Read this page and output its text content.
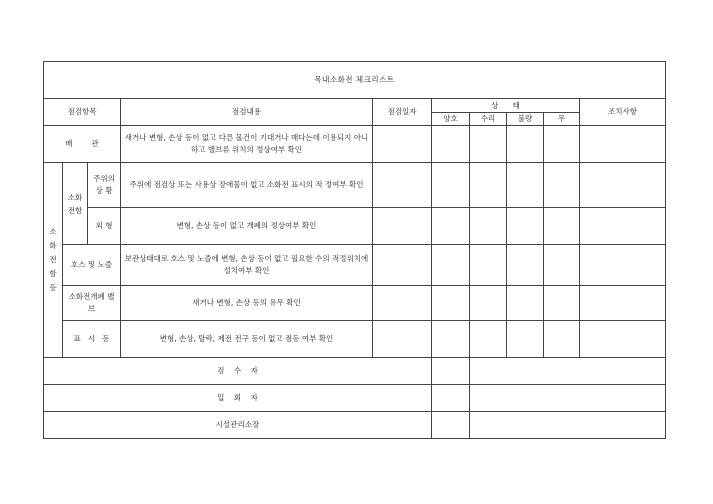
목내소화전 체크리스트									
점검항목			점검내용	점검일자	상      태				조치사항
					양호	수리	불량	무	
배        관			새거나 변형, 손상 등이 없고 다른 물건이 기대거나 매다는데 이용되지 아니하고 밸브류 위치의 정상여부 확인						
소화전함등	소화전함	주위의 상 황	주위에 점검상 또는 사용상 장애물이 없고 소화전 표시의 적 정여부 확인						
		외 형	변형, 손상 등이 없고 개폐의 정상여부 확인						
	호스 및 노즐		보관상태대로 호스 및 노즐에 변형, 손상 등이 없고 필요한 수의 적정위치에 설치여부 확인						
	소화전개폐 밸        브		새거나 변형, 손상 등의 유무 확인						
	표   시   등		변형, 손상, 탈락, 제전 전구 등이 없고 점등 여부 확인						
검    수    자									
입    회    자									
시설관리소장									
